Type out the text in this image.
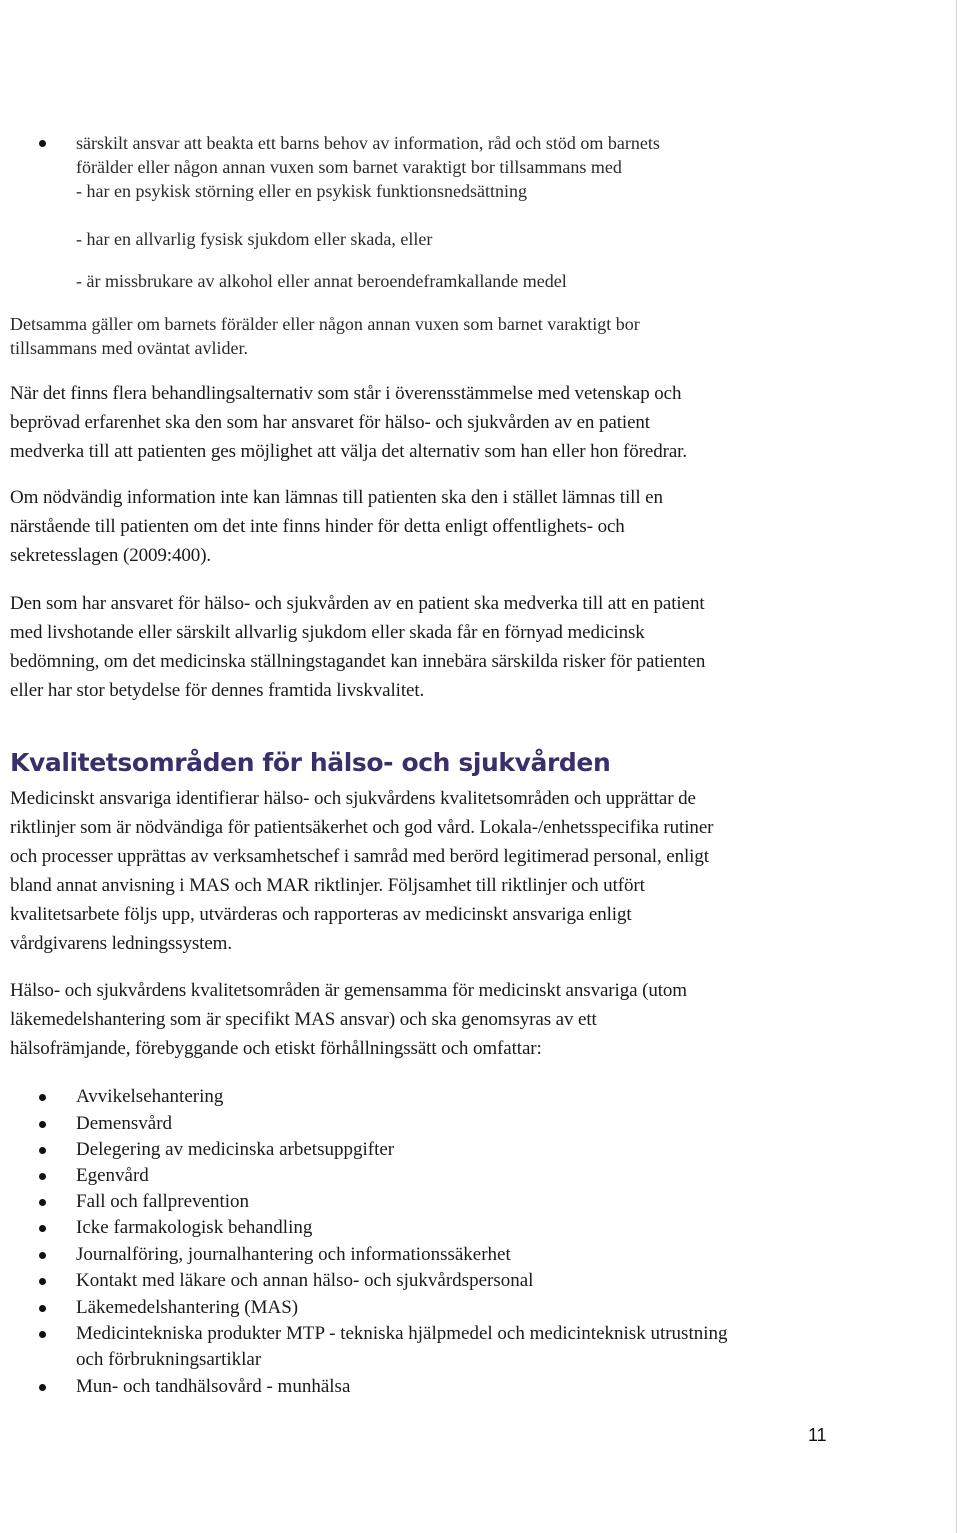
särskilt ansvar att beakta ett barns behov av information, råd och stöd om barnets
förälder eller någon annan vuxen som barnet varaktigt bor tillsammans med
- har en psykisk störning eller en psykisk funktionsnedsättning
- har en allvarlig fysisk sjukdom eller skada, eller
- är missbrukare av alkohol eller annat beroendeframkallande medel
Detsamma gäller om barnets förälder eller någon annan vuxen som barnet varaktigt bor
tillsammans med oväntat avlider.
När det finns flera behandlingsalternativ som står i överensstämmelse med vetenskap och
beprövad erfarenhet ska den som har ansvaret för hälso- och sjukvården av en patient
medverka till att patienten ges möjlighet att välja det alternativ som han eller hon föredrar.
Om nödvändig information inte kan lämnas till patienten ska den i stället lämnas till en
närstående till patienten om det inte finns hinder för detta enligt offentlighets- och
sekretesslagen (2009:400).
Den som har ansvaret för hälso- och sjukvården av en patient ska medverka till att en patient
med livshotande eller särskilt allvarlig sjukdom eller skada får en förnyad medicinsk
bedömning, om det medicinska ställningstagandet kan innebära särskilda risker för patienten
eller har stor betydelse för dennes framtida livskvalitet.
Kvalitetsområden för hälso- och sjukvården
Medicinskt ansvariga identifierar hälso- och sjukvårdens kvalitetsområden och upprättar de
riktlinjer som är nödvändiga för patientsäkerhet och god vård. Lokala-/enhetsspecifika rutiner
och processer upprättas av verksamhetschef i samråd med berörd legitimerad personal, enligt
bland annat anvisning i MAS och MAR riktlinjer. Följsamhet till riktlinjer och utfört
kvalitetsarbete följs upp, utvärderas och rapporteras av medicinskt ansvariga enligt
vårdgivarens ledningssystem.
Hälso- och sjukvårdens kvalitetsområden är gemensamma för medicinskt ansvariga (utom
läkemedelshantering som är specifikt MAS ansvar) och ska genomsyras av ett
hälsofrämjande, förebyggande och etiskt förhållningssätt och omfattar:
Avvikelsehantering
Demensvård
Delegering av medicinska arbetsuppgifter
Egenvård
Fall och fallprevention
Icke farmakologisk behandling
Journalföring, journalhantering och informationssäkerhet
Kontakt med läkare och annan hälso- och sjukvårdspersonal
Läkemedelshantering (MAS)
Medicintekniska produkter MTP - tekniska hjälpmedel och medicinteknisk utrustning
och förbrukningsartiklar
Mun- och tandhälsovård - munhälsa
11
